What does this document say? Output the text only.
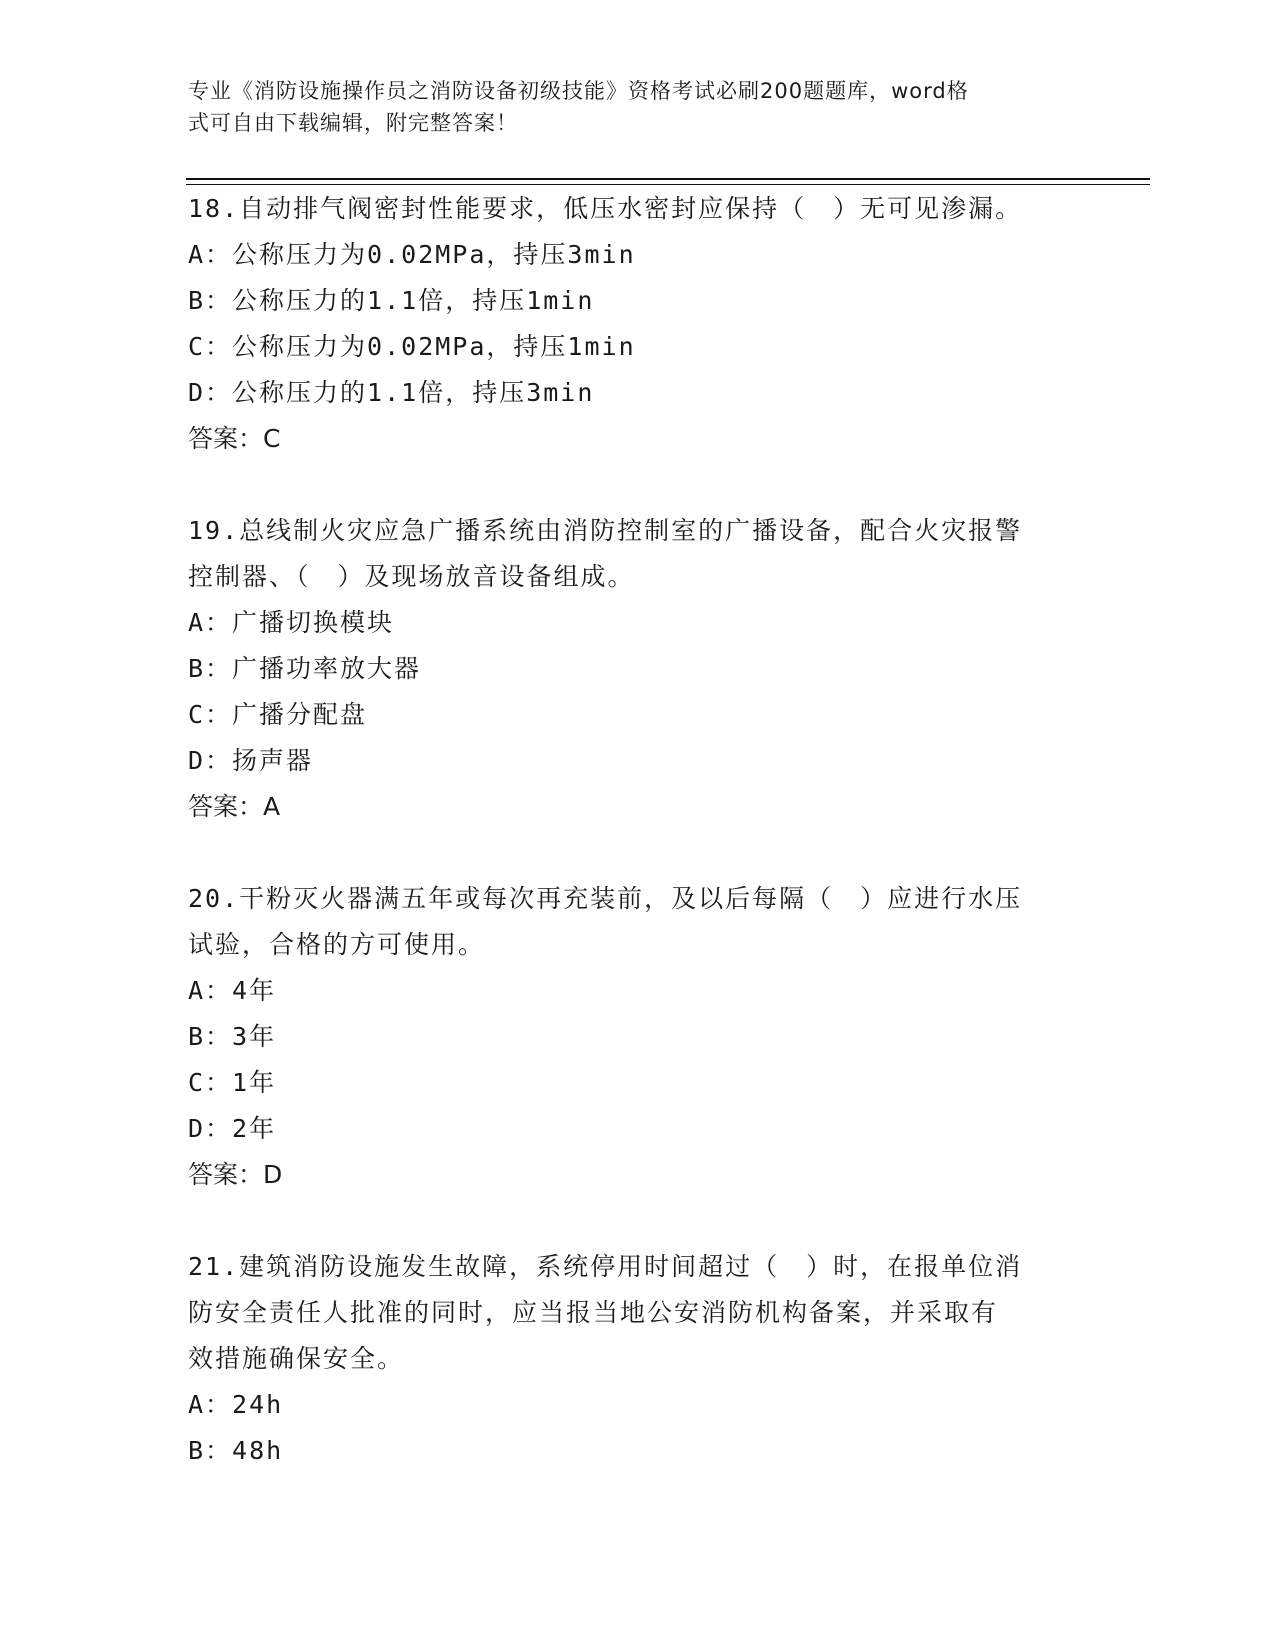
专业《消防设施操作员之消防设备初级技能》资格考试必刷200题题库，word格
式可自由下载编辑，附完整答案！
18.自动排气阀密封性能要求，低压水密封应保持（　）无可见渗漏。
A：公称压力为0.02MPa，持压3min
B：公称压力的1.1倍，持压1min
C：公称压力为0.02MPa，持压1min
D：公称压力的1.1倍，持压3min
答案：C
19.总线制火灾应急广播系统由消防控制室的广播设备，配合火灾报警
控制器、（　）及现场放音设备组成。
A：广播切换模块
B：广播功率放大器
C：广播分配盘
D：扬声器
答案：A
20.干粉灭火器满五年或每次再充装前，及以后每隔（　）应进行水压
试验，合格的方可使用。
A：4年
B：3年
C：1年
D：2年
答案：D
21.建筑消防设施发生故障，系统停用时间超过（　）时，在报单位消
防安全责任人批准的同时，应当报当地公安消防机构备案，并采取有
效措施确保安全。
A：24h
B：48h
